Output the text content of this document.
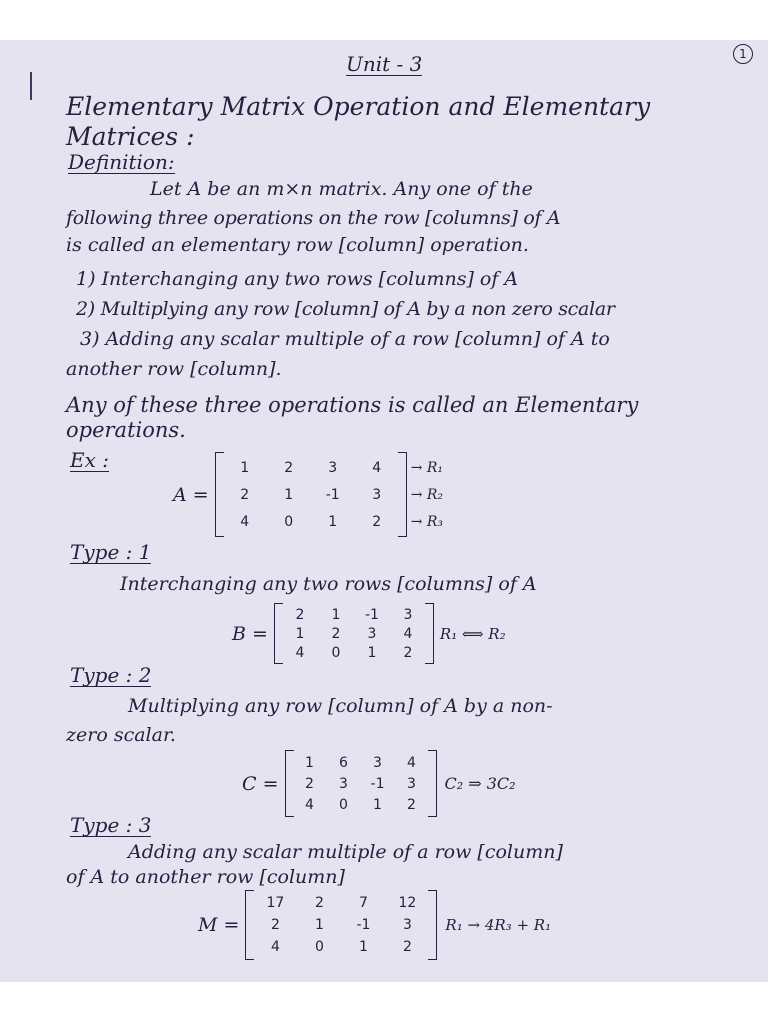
1
Unit - 3
Elementary Matrix Operation and Elementary
Matrices :
Definition:
Let A be an m×n matrix. Any one of the
following three operations on the row [columns] of A
is called an elementary row [column] operation.
1) Interchanging any two rows [columns] of A
2) Multiplying any row [column] of A by a non zero scalar
3) Adding any scalar multiple of a row [column] of A to
another row [column].
Any of these three operations is called an Elementary
operations.
Ex :
A =
1	2	3	4
2	1	-1	3
4	0	1	2
→ R₁
→ R₂
→ R₃
Type : 1
Interchanging any two rows [columns] of A
B =
2	1	-1	3
1	2	3	4
4	0	1	2
R₁ ⟺ R₂
Type : 2
Multiplying any row [column] of A by a non-
zero scalar.
C =
1	6	3	4
2	3	-1	3
4	0	1	2
C₂ ⇒ 3C₂
Type : 3
Adding any scalar multiple of a row [column]
of A to another row [column]
M =
17	2	7	12
2	1	-1	3
4	0	1	2
R₁ → 4R₃ + R₁
